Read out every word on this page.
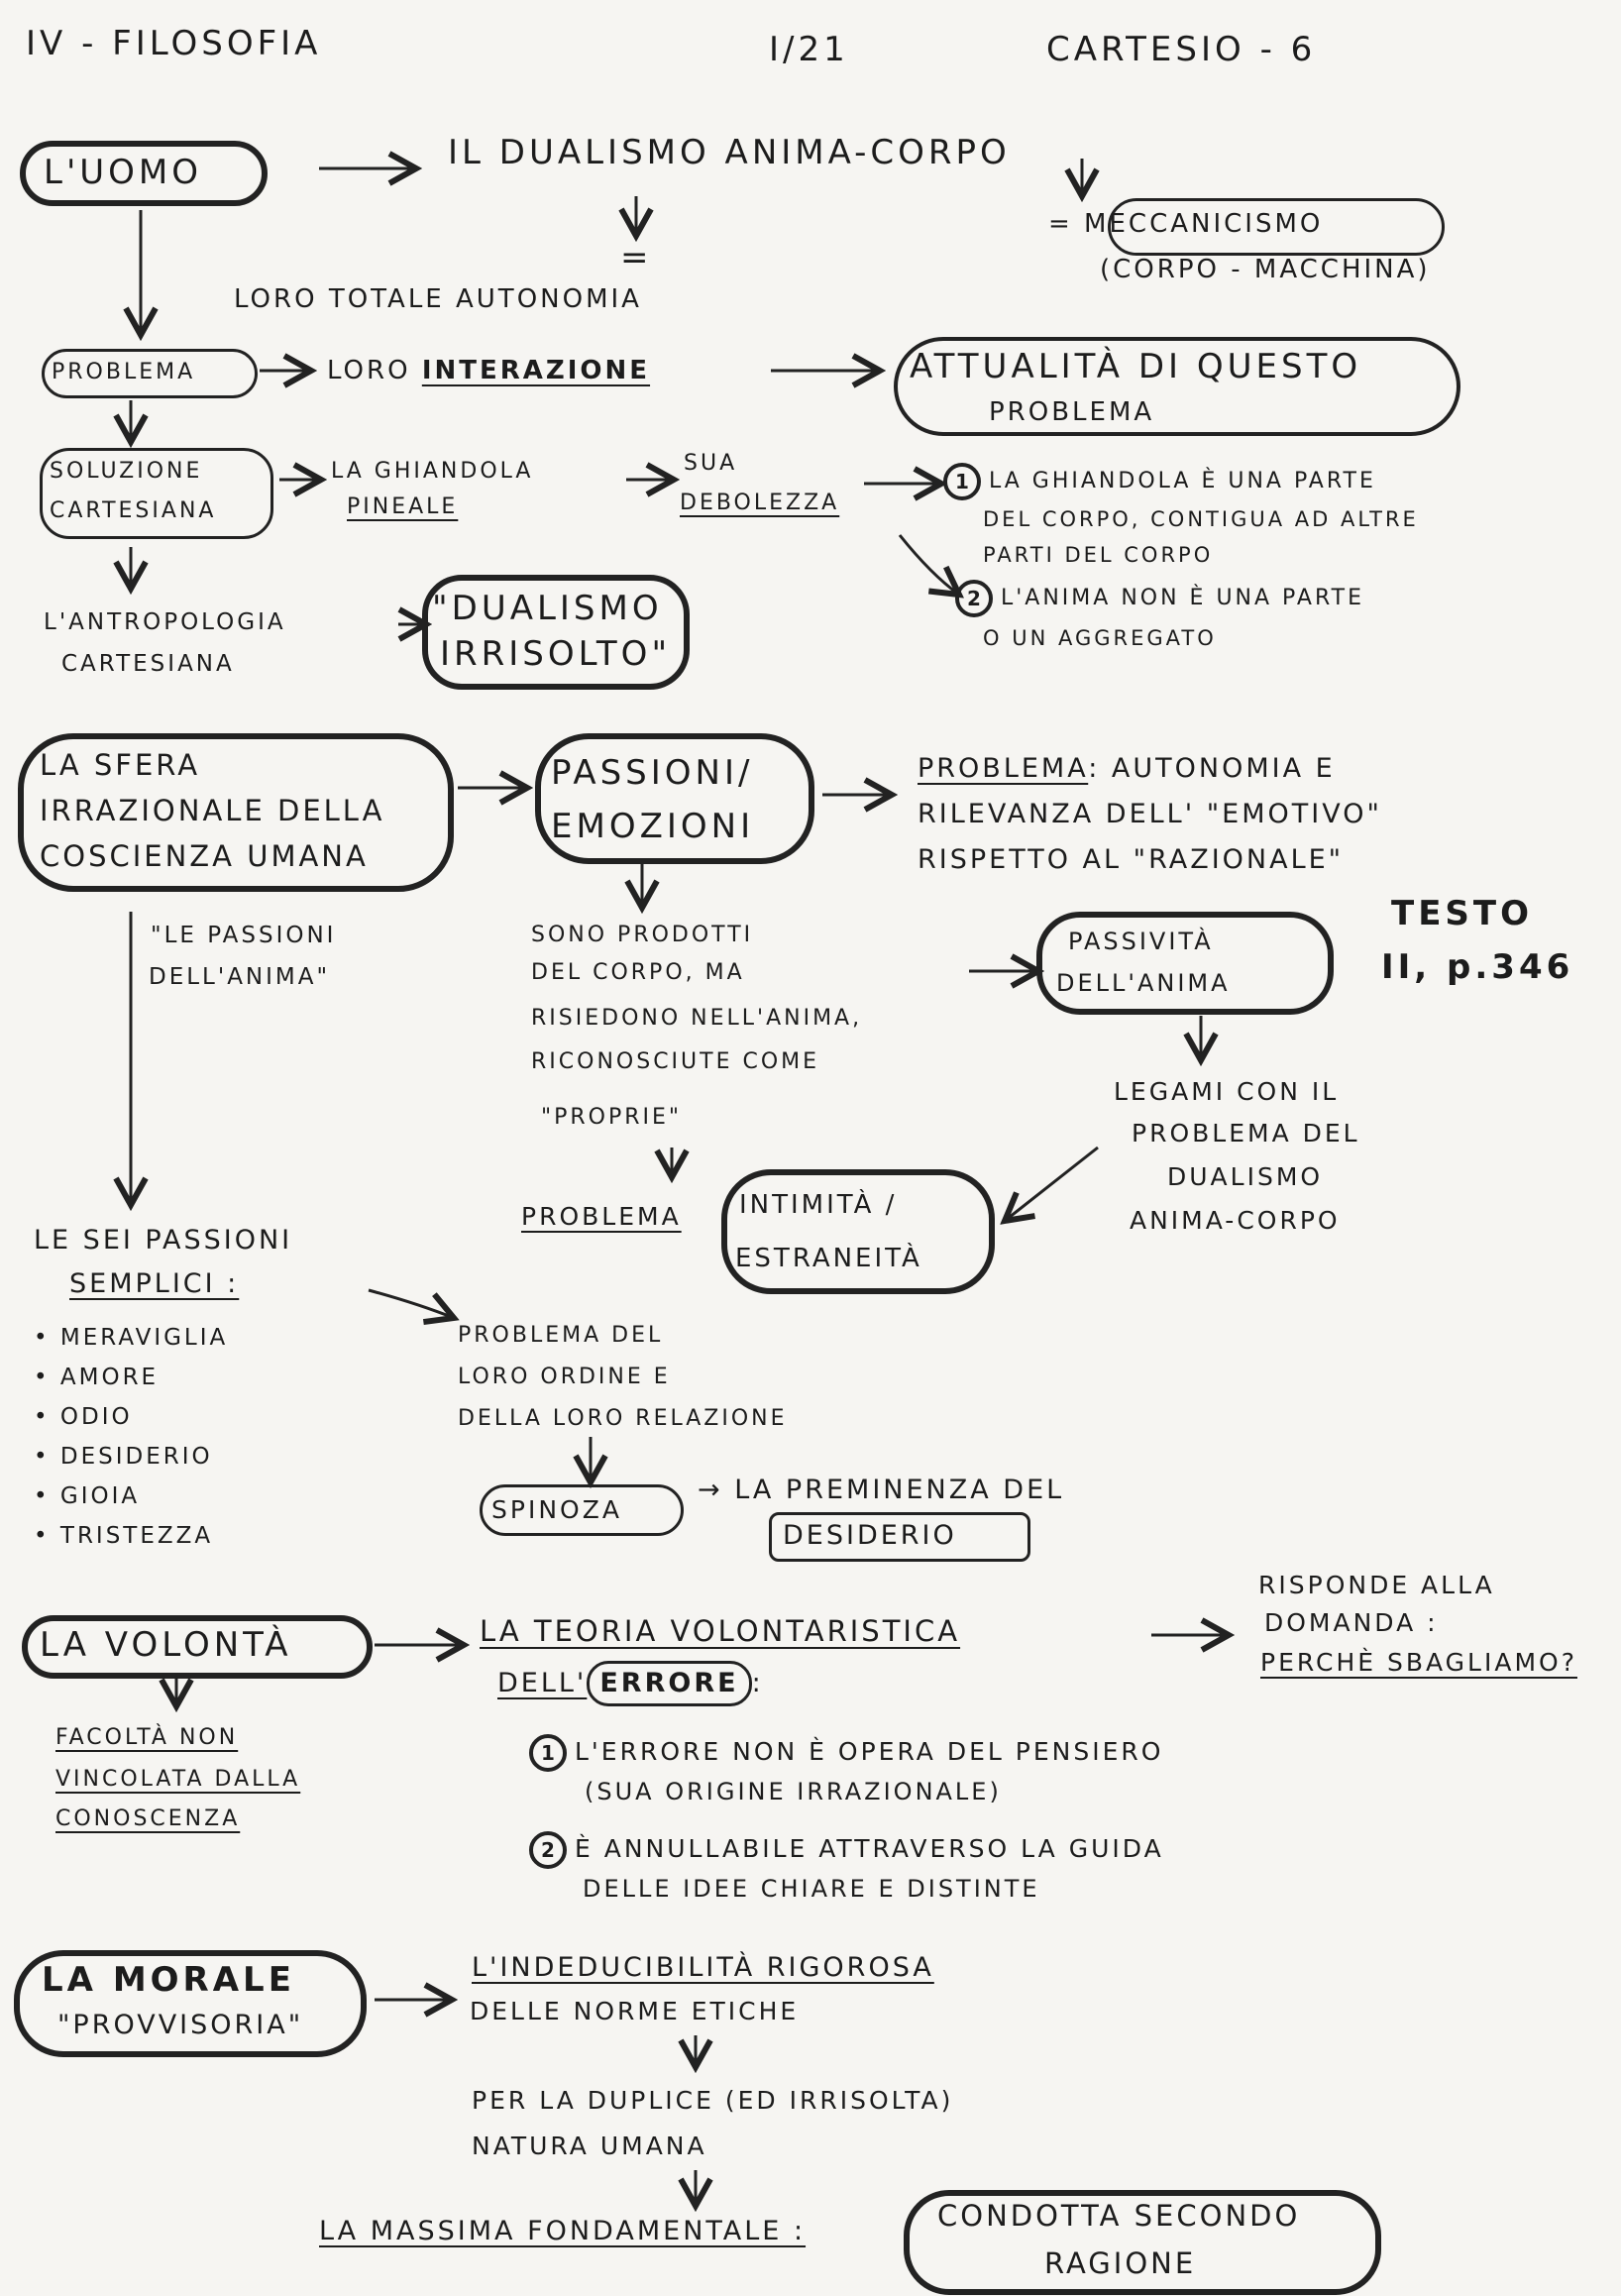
IV - FILOSOFIA	I/21	CARTESIO - 6
L'UOMO	IL DUALISMO ANIMA-CORPO
= MECCANICISMO
(CORPO - MACCHINA)
=
LORO TOTALE AUTONOMIA
PROBLEMA	LORO INTERAZIONE	ATTUALITÀ DI QUESTO
PROBLEMA
SOLUZIONE
CARTESIANA
LA GHIANDOLA
PINEALE
SUA
DEBOLEZZA
1 LA GHIANDOLA È UNA PARTE
DEL CORPO, CONTIGUA AD ALTRE
PARTI DEL CORPO
2 L'ANIMA NON È UNA PARTE
O UN AGGREGATO
L'ANTROPOLOGIA
CARTESIANA
"DUALISMO
IRRISOLTO"
LA SFERA
IRRAZIONALE DELLA
COSCIENZA UMANA
PASSIONI/
EMOZIONI
PROBLEMA: AUTONOMIA E
RILEVANZA DELL' "EMOTIVO"
RISPETTO AL "RAZIONALE"
"LE PASSIONI
DELL'ANIMA"
SONO PRODOTTI
DEL CORPO, MA
RISIEDONO NELL'ANIMA,
RICONOSCIUTE COME
"PROPRIE"
PASSIVITÀ
DELL'ANIMA
TESTO
II, p.346
LEGAMI CON IL
PROBLEMA DEL
DUALISMO
ANIMA-CORPO
PROBLEMA INTIMITÀ /
ESTRANEITÀ
LE SEI PASSIONI
SEMPLICI :
• MERAVIGLIA
• AMORE
• ODIO
• DESIDERIO
• GIOIA
• TRISTEZZA
PROBLEMA DEL
LORO ORDINE E
DELLA LORO RELAZIONE
SPINOZA
→ LA PREMINENZA DEL
DESIDERIO
LA VOLONTÀ	LA TEORIA VOLONTARISTICA
DELL' ERRORE :
RISPONDE ALLA
DOMANDA :
PERCHÈ SBAGLIAMO?
FACOLTÀ NON
VINCOLATA DALLA
CONOSCENZA
1 L'ERRORE NON È OPERA DEL PENSIERO
(SUA ORIGINE IRRAZIONALE)
2 È ANNULLABILE ATTRAVERSO LA GUIDA
DELLE IDEE CHIARE E DISTINTE
LA MORALE
"PROVVISORIA"
L'INDEDUCIBILITÀ RIGOROSA
DELLE NORME ETICHE
PER LA DUPLICE (ED IRRISOLTA)
NATURA UMANA
LA MASSIMA FONDAMENTALE :	CONDOTTA SECONDO
RAGIONE
